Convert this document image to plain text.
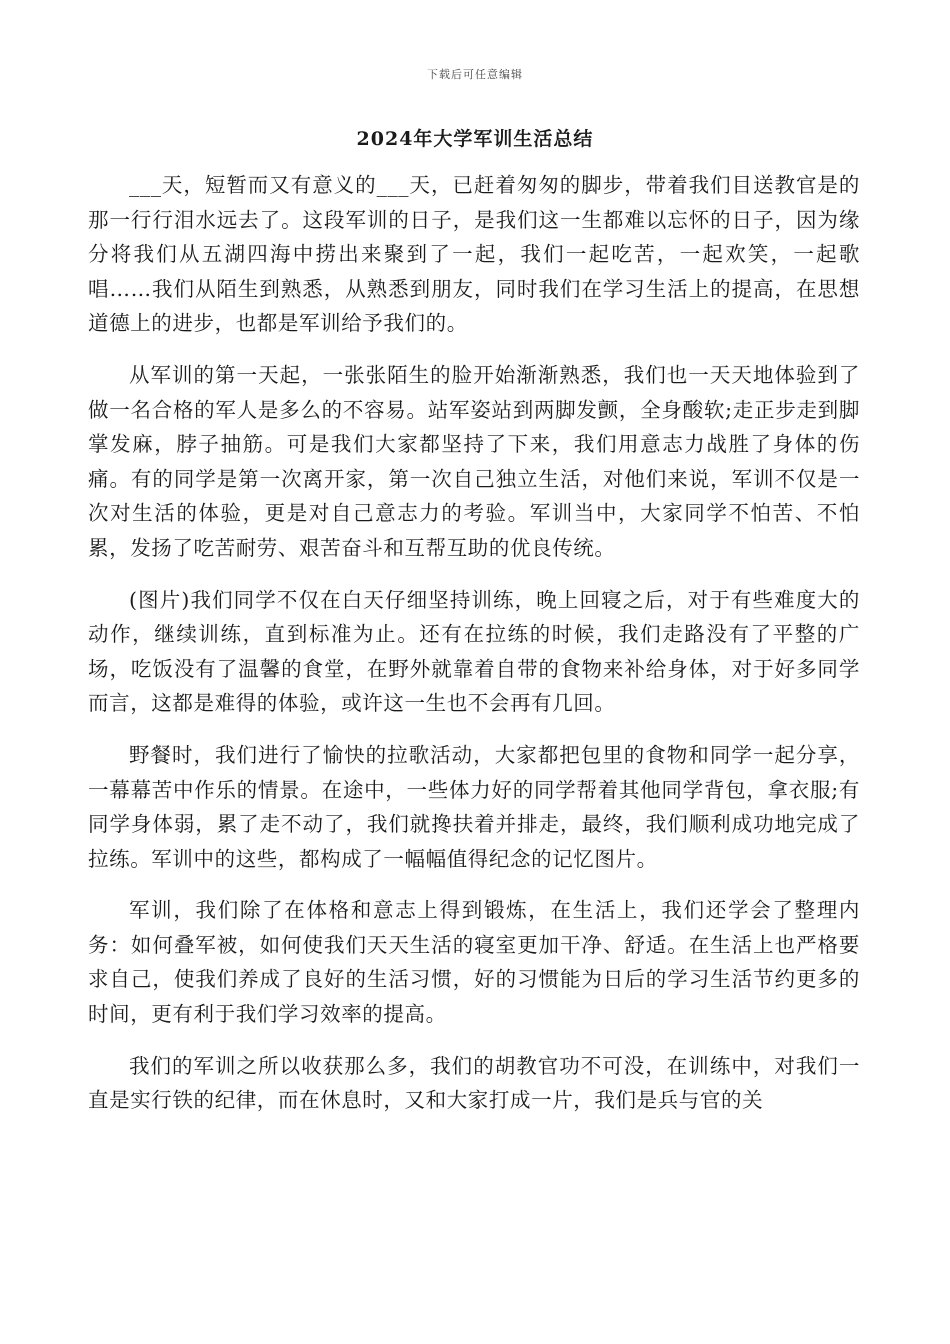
下载后可任意编辑
2024年大学军训生活总结

___天，短暂而又有意义的___天，已赶着匆匆的脚步，带着我们目送教官是的那一行行泪水远去了。这段军训的日子，是我们这一生都难以忘怀的日子，因为缘分将我们从五湖四海中捞出来聚到了一起，我们一起吃苦，一起欢笑，一起歌唱……我们从陌生到熟悉，从熟悉到朋友，同时我们在学习生活上的提高，在思想道德上的进步，也都是军训给予我们的。

从军训的第一天起，一张张陌生的脸开始渐渐熟悉，我们也一天天地体验到了做一名合格的军人是多么的不容易。站军姿站到两脚发颤，全身酸软;走正步走到脚掌发麻，脖子抽筋。可是我们大家都坚持了下来，我们用意志力战胜了身体的伤痛。有的同学是第一次离开家，第一次自己独立生活，对他们来说，军训不仅是一次对生活的体验，更是对自己意志力的考验。军训当中，大家同学不怕苦、不怕累，发扬了吃苦耐劳、艰苦奋斗和互帮互助的优良传统。

(图片)我们同学不仅在白天仔细坚持训练，晚上回寝之后，对于有些难度大的动作，继续训练，直到标准为止。还有在拉练的时候，我们走路没有了平整的广场，吃饭没有了温馨的食堂，在野外就靠着自带的食物来补给身体，对于好多同学而言，这都是难得的体验，或许这一生也不会再有几回。

野餐时，我们进行了愉快的拉歌活动，大家都把包里的食物和同学一起分享，一幕幕苦中作乐的情景。在途中，一些体力好的同学帮着其他同学背包，拿衣服;有同学身体弱，累了走不动了，我们就搀扶着并排走，最终，我们顺利成功地完成了拉练。军训中的这些，都构成了一幅幅值得纪念的记忆图片。

军训，我们除了在体格和意志上得到锻炼，在生活上，我们还学会了整理内务：如何叠军被，如何使我们天天生活的寝室更加干净、舒适。在生活上也严格要求自己，使我们养成了良好的生活习惯，好的习惯能为日后的学习生活节约更多的时间，更有利于我们学习效率的提高。

我们的军训之所以收获那么多，我们的胡教官功不可没，在训练中，对我们一直是实行铁的纪律，而在休息时，又和大家打成一片，我们是兵与官的关
